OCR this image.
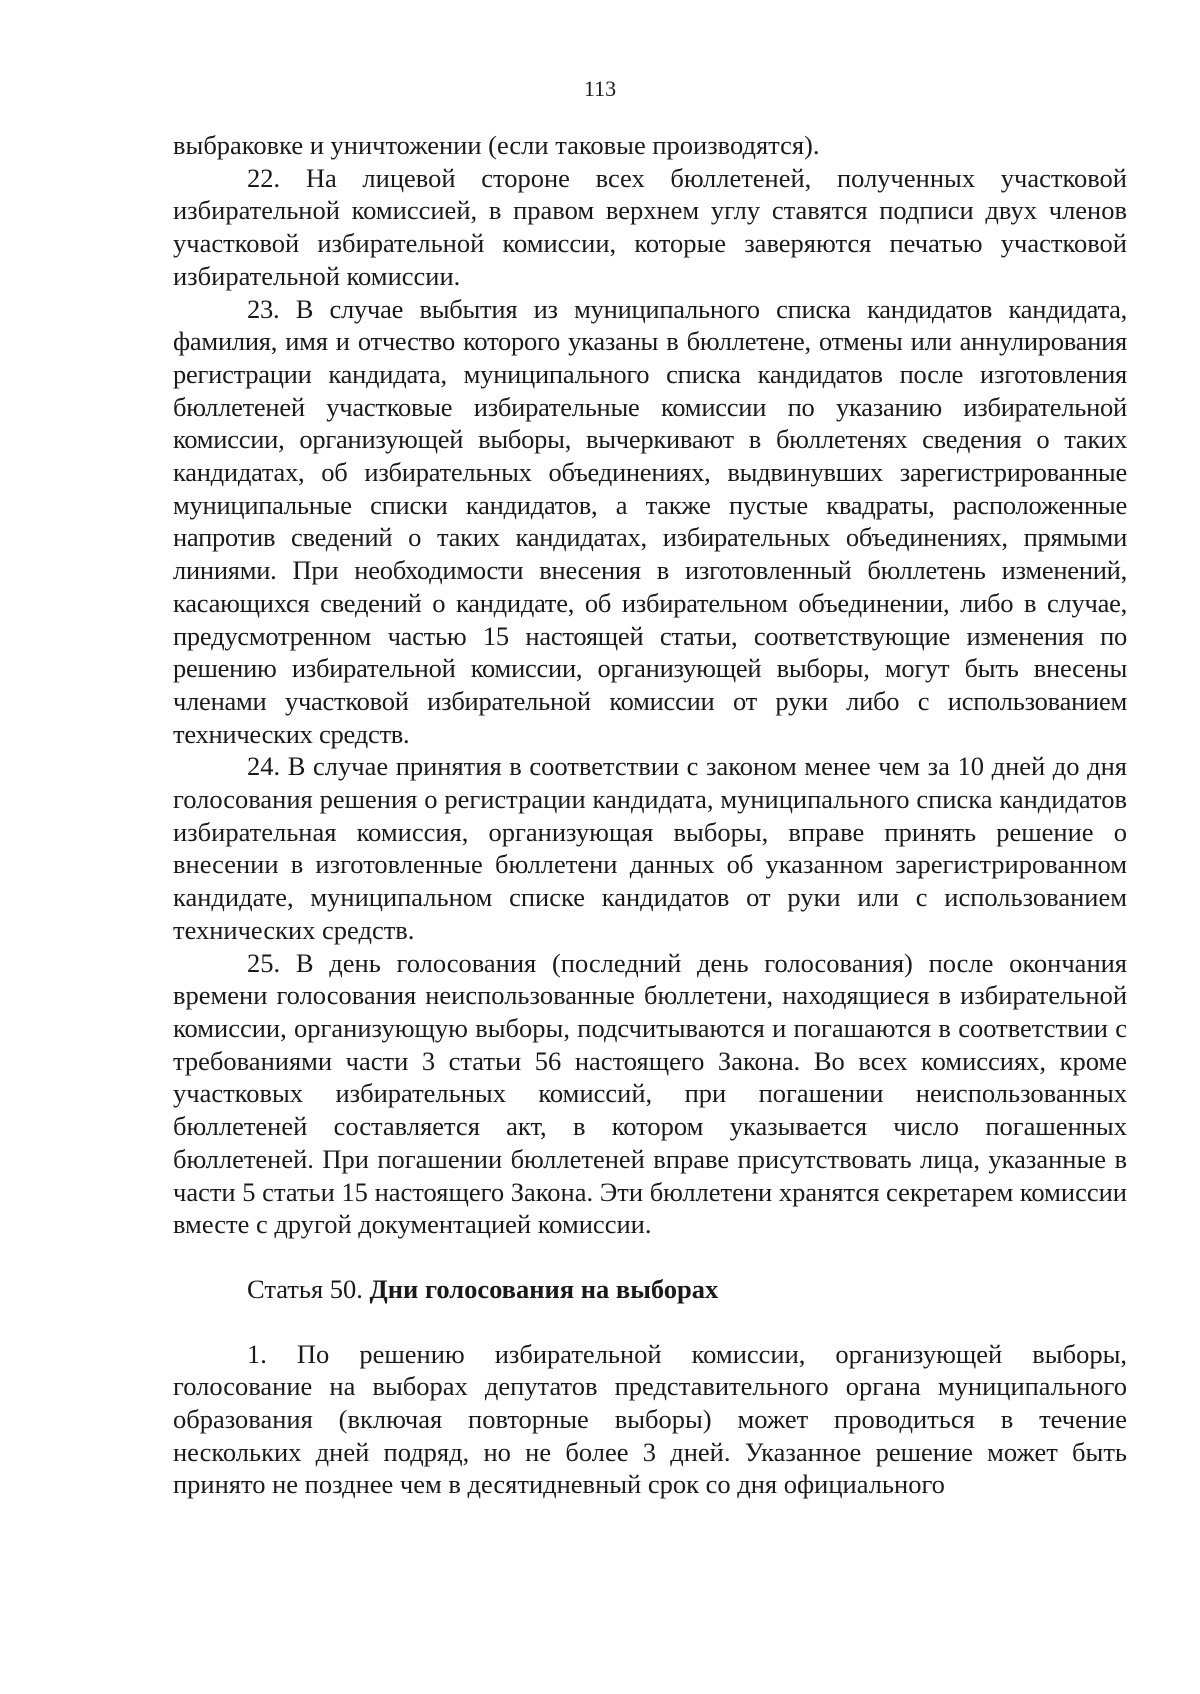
113

выбраковке и уничтожении (если таковые производятся).

22. На лицевой стороне всех бюллетеней, полученных участковой избирательной комиссией, в правом верхнем углу ставятся подписи двух членов участковой избирательной комиссии, которые заверяются печатью участковой избирательной комиссии.

23. В случае выбытия из муниципального списка кандидатов кандидата, фамилия, имя и отчество которого указаны в бюллетене, отмены или аннулирования регистрации кандидата, муниципального списка кандидатов после изготовления бюллетеней участковые избирательные комиссии по указанию избирательной комиссии, организующей выборы, вычеркивают в бюллетенях сведения о таких кандидатах, об избирательных объединениях, выдвинувших зарегистрированные муниципальные списки кандидатов, а также пустые квадраты, расположенные напротив сведений о таких кандидатах, избирательных объединениях, прямыми линиями. При необходимости внесения в изготовленный бюллетень изменений, касающихся сведений о кандидате, об избирательном объединении, либо в случае, предусмотренном частью 15 настоящей статьи, соответствующие изменения по решению избирательной комиссии, организующей выборы, могут быть внесены членами участковой избирательной комиссии от руки либо с использованием технических средств.

24. В случае принятия в соответствии с законом менее чем за 10 дней до дня голосования решения о регистрации кандидата, муниципального списка кандидатов избирательная комиссия, организующая выборы, вправе принять решение о внесении в изготовленные бюллетени данных об указанном зарегистрированном кандидате, муниципальном списке кандидатов от руки или с использованием технических средств.

25. В день голосования (последний день голосования) после окончания времени голосования неиспользованные бюллетени, находящиеся в избирательной комиссии, организующую выборы, подсчитываются и погашаются в соответствии с требованиями части 3 статьи 56 настоящего Закона. Во всех комиссиях, кроме участковых избирательных комиссий, при погашении неиспользованных бюллетеней составляется акт, в котором указывается число погашенных бюллетеней. При погашении бюллетеней вправе присутствовать лица, указанные в части 5 статьи 15 настоящего Закона. Эти бюллетени хранятся секретарем комиссии вместе с другой документацией комиссии.

Статья 50. Дни голосования на выборах

1. По решению избирательной комиссии, организующей выборы, голосование на выборах депутатов представительного органа муниципального образования (включая повторные выборы) может проводиться в течение нескольких дней подряд, но не более 3 дней. Указанное решение может быть принято не позднее чем в десятидневный срок со дня официального
